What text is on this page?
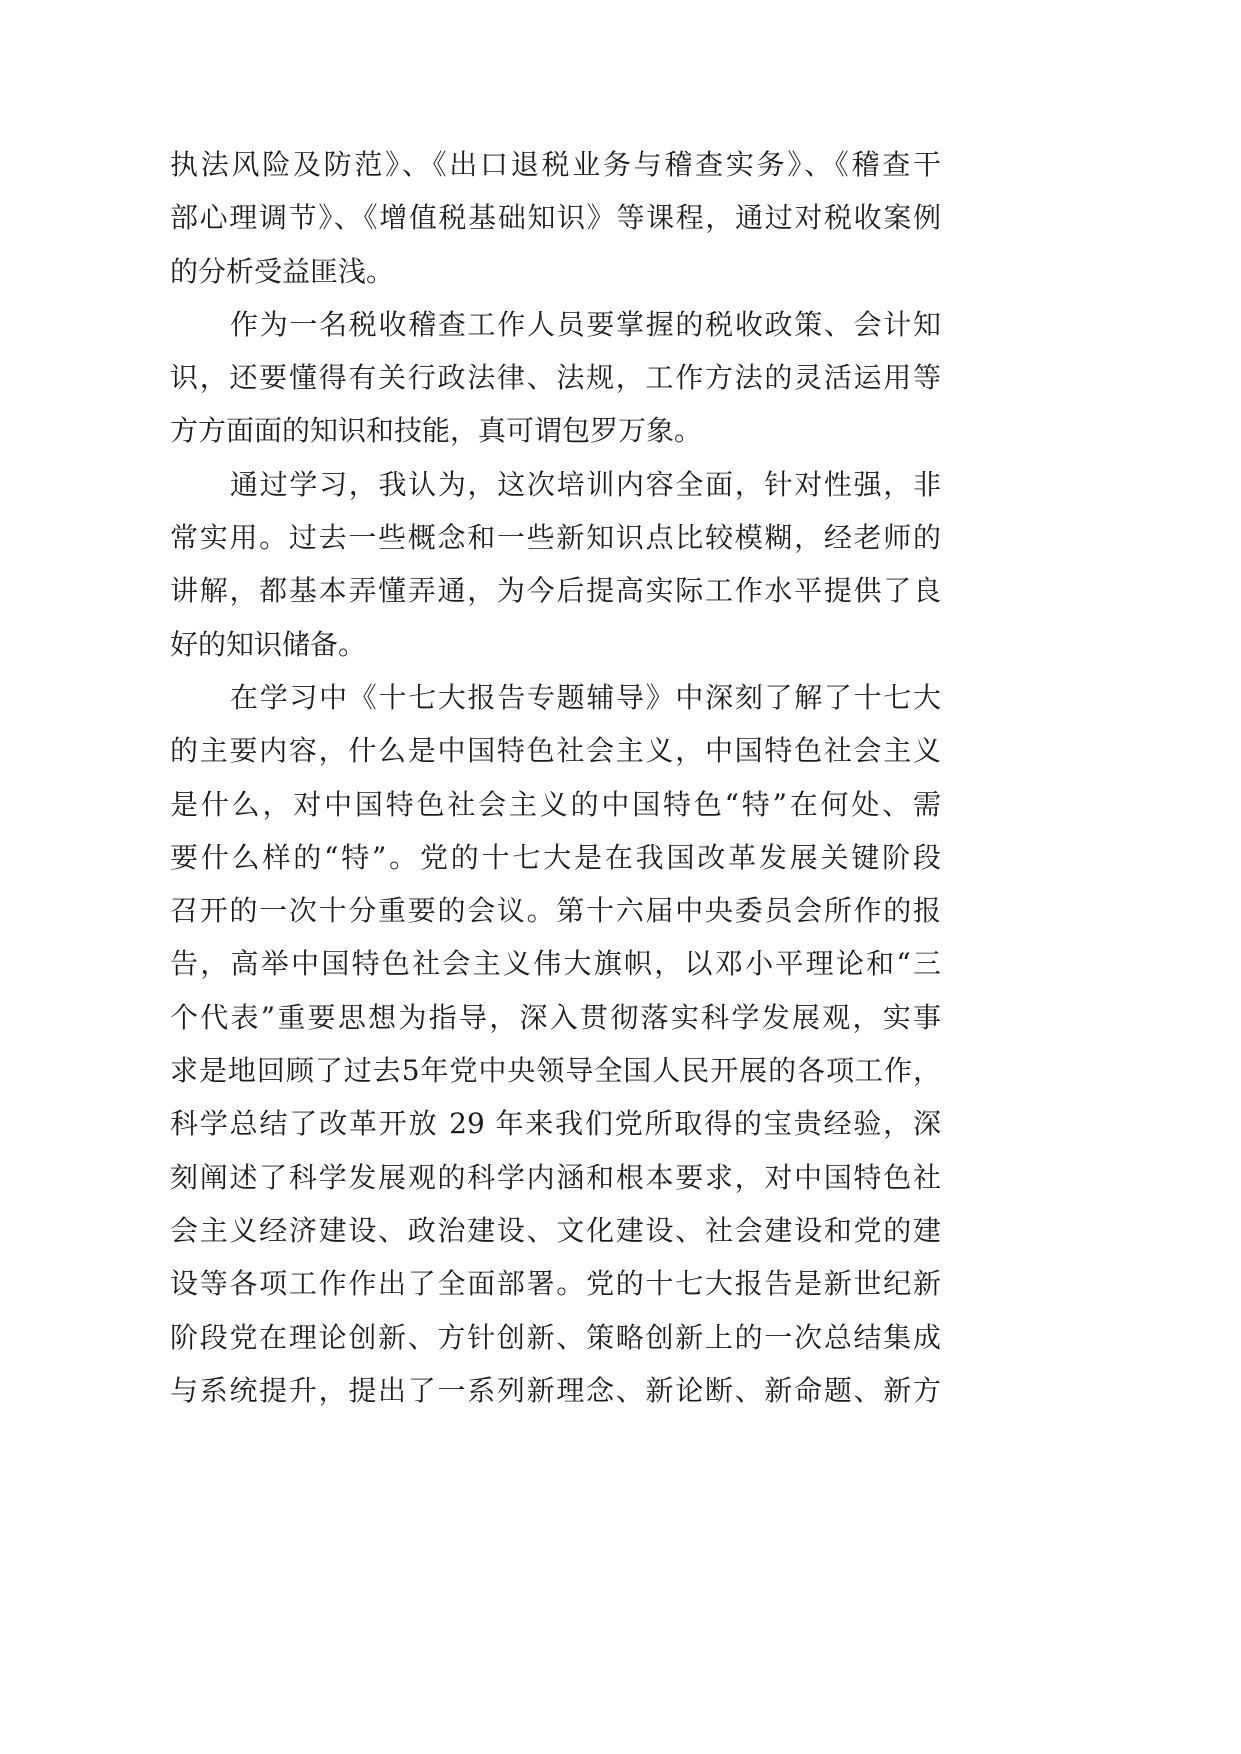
执法风险及防范》、《出口退税业务与稽查实务》、《稽查干
部心理调节》、《增值税基础知识》等课程，通过对税收案例
的分析受益匪浅。
作为一名税收稽查工作人员要掌握的税收政策、会计知
识，还要懂得有关行政法律、法规，工作方法的灵活运用等
方方面面的知识和技能，真可谓包罗万象。
通过学习，我认为，这次培训内容全面，针对性强，非
常实用。过去一些概念和一些新知识点比较模糊，经老师的
讲解，都基本弄懂弄通，为今后提高实际工作水平提供了良
好的知识储备。
在学习中《十七大报告专题辅导》中深刻了解了十七大
的主要内容，什么是中国特色社会主义，中国特色社会主义
是什么，对中国特色社会主义的中国特色“特”在何处、需
要什么样的“特”。党的十七大是在我国改革发展关键阶段
召开的一次十分重要的会议。第十六届中央委员会所作的报
告，高举中国特色社会主义伟大旗帜，以邓小平理论和“三
个代表”重要思想为指导，深入贯彻落实科学发展观，实事
求是地回顾了过去5年党中央领导全国人民开展的各项工作，
科学总结了改革开放 29 年来我们党所取得的宝贵经验，深
刻阐述了科学发展观的科学内涵和根本要求，对中国特色社
会主义经济建设、政治建设、文化建设、社会建设和党的建
设等各项工作作出了全面部署。党的十七大报告是新世纪新
阶段党在理论创新、方针创新、策略创新上的一次总结集成
与系统提升，提出了一系列新理念、新论断、新命题、新方
